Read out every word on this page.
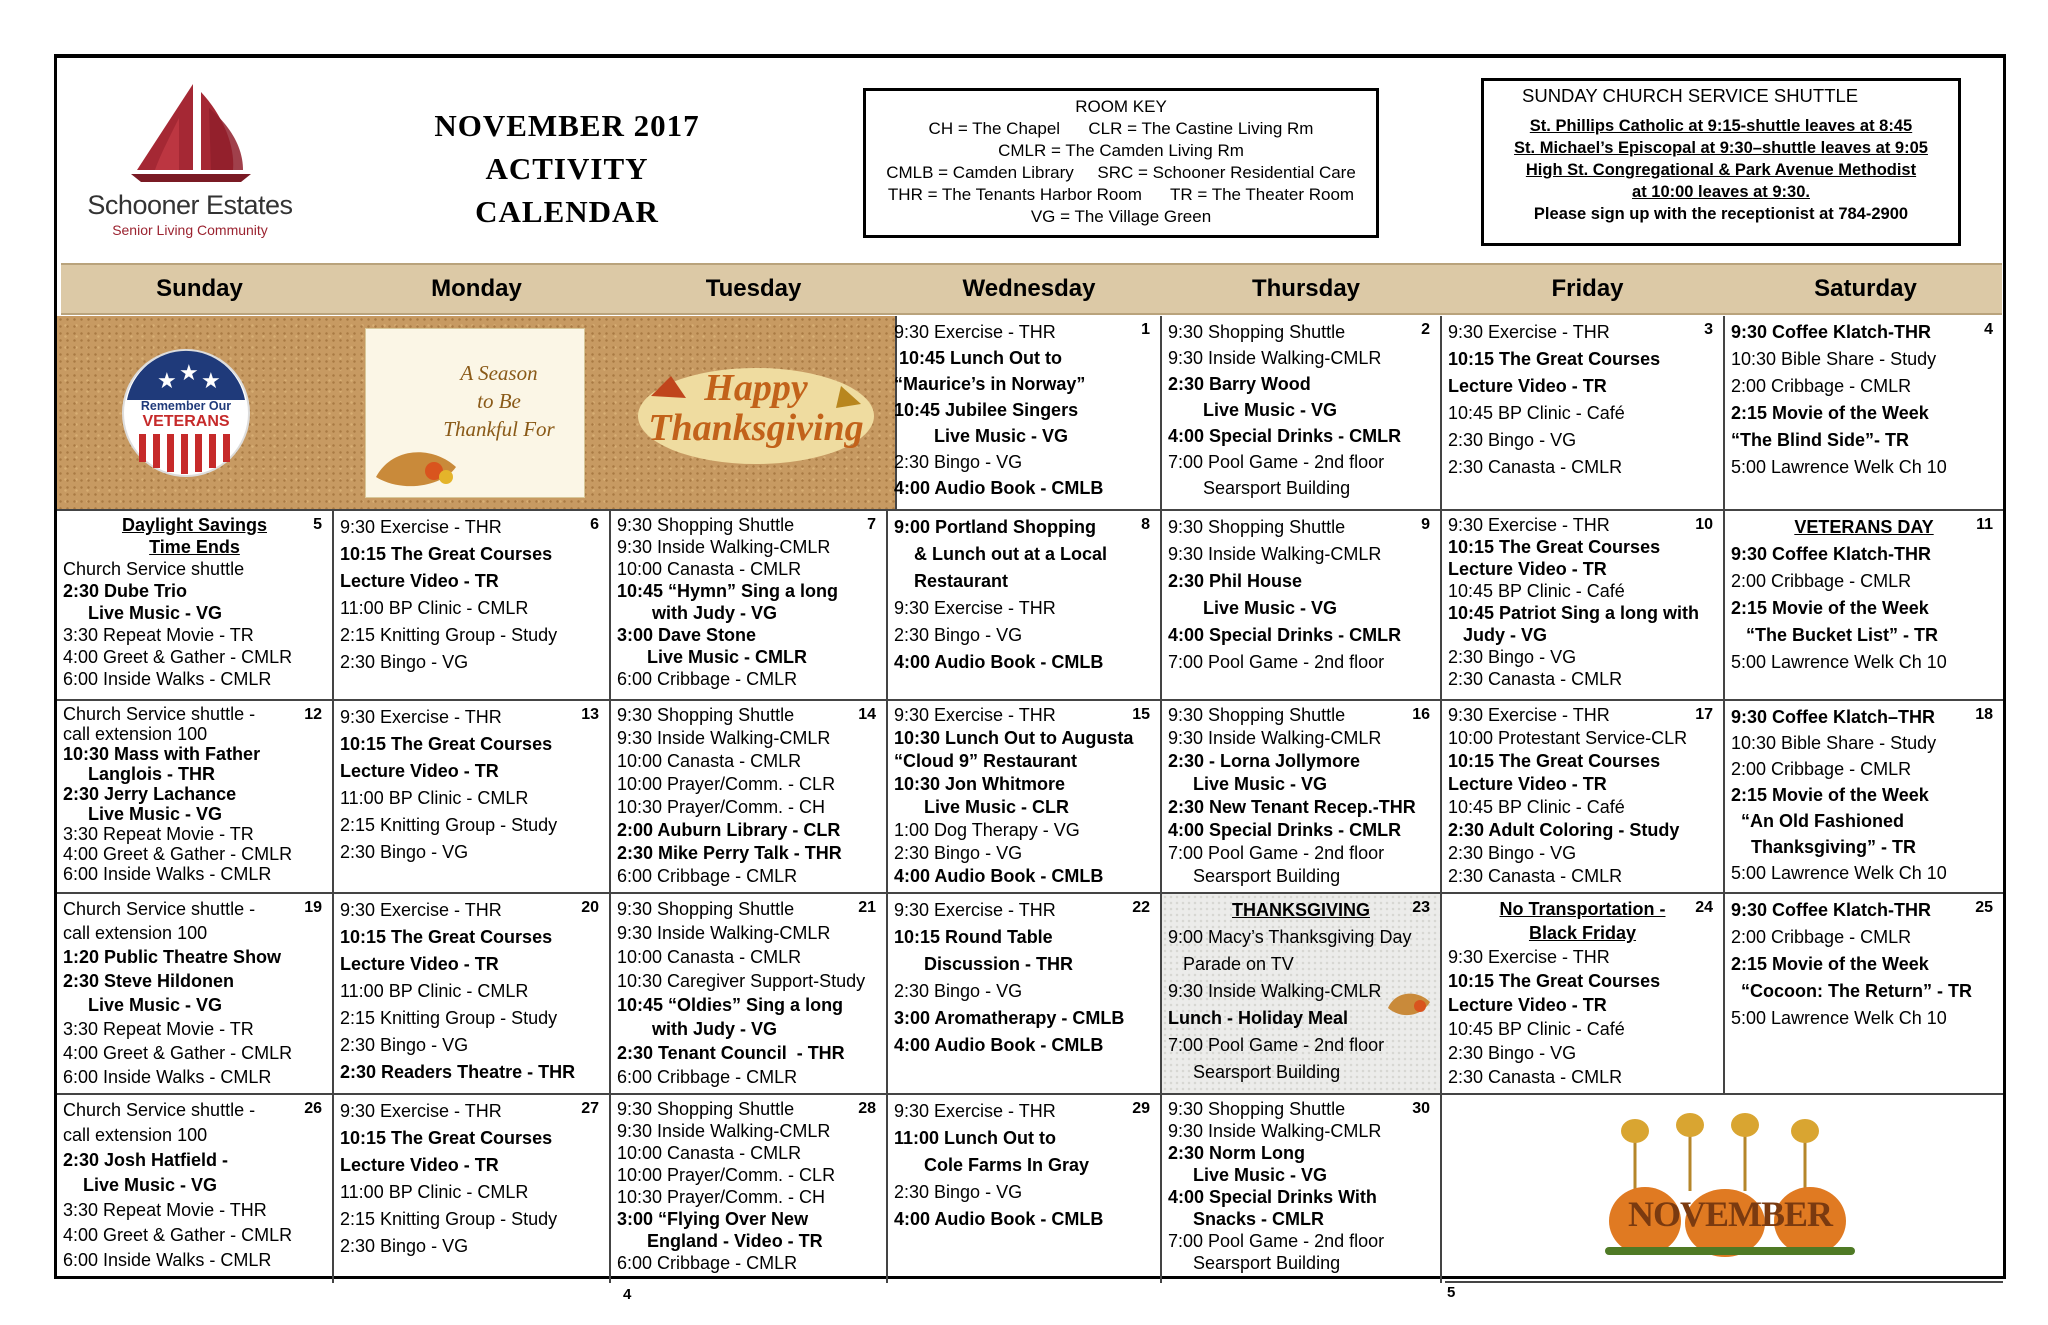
Schooner Estates
Senior Living Community
NOVEMBER 2017
ACTIVITY
CALENDAR
ROOM KEY
CH = The Chapel      CLR = The Castine Living Rm
CMLR = The Camden Living Rm
CMLB = Camden Library     SRC = Schooner Residential Care
THR = The Tenants Harbor Room      TR = The Theater Room
VG = The Village Green
SUNDAY CHURCH SERVICE SHUTTLE
St. Phillips Catholic at 9:15-shuttle leaves at 8:45
St. Michael’s Episcopal at 9:30–shuttle leaves at 9:05
High St. Congregational & Park Avenue Methodist
at 10:00 leaves at 9:30.
Please sign up with the receptionist at 784-2900
Sunday	Monday	Tuesday	Wednesday	Thursday	Friday	Saturday
★ ★ ★
Remember Our
VETERANS
A Season
to Be
Thankful For
Happy
Thanksgiving
NOVEMBER
1
9:30 Exercise - THR
10:45 Lunch Out to
“Maurice’s in Norway”
10:45 Jubilee Singers
Live Music - VG
2:30 Bingo - VG
4:00 Audio Book - CMLB
2
9:30 Shopping Shuttle
9:30 Inside Walking-CMLR
2:30 Barry Wood
Live Music - VG
4:00 Special Drinks - CMLR
7:00 Pool Game - 2nd floor
Searsport Building
3
9:30 Exercise - THR
10:15 The Great Courses
Lecture Video - TR
10:45 BP Clinic - Café
2:30 Bingo - VG
2:30 Canasta - CMLR
4
9:30 Coffee Klatch-THR
10:30 Bible Share - Study
2:00 Cribbage - CMLR
2:15 Movie of the Week
“The Blind Side”- TR
5:00 Lawrence Welk Ch 10
5
Daylight Savings
Time Ends
Church Service shuttle
2:30 Dube Trio
Live Music - VG
3:30 Repeat Movie - TR
4:00 Greet & Gather - CMLR
6:00 Inside Walks - CMLR
6
9:30 Exercise - THR
10:15 The Great Courses
Lecture Video - TR
11:00 BP Clinic - CMLR
2:15 Knitting Group - Study
2:30 Bingo - VG
7
9:30 Shopping Shuttle
9:30 Inside Walking-CMLR
10:00 Canasta - CMLR
10:45 “Hymn” Sing a long
with Judy - VG
3:00 Dave Stone
Live Music - CMLR
6:00 Cribbage - CMLR
8
9:00 Portland Shopping
& Lunch out at a Local
Restaurant
9:30 Exercise - THR
2:30 Bingo - VG
4:00 Audio Book - CMLB
9
9:30 Shopping Shuttle
9:30 Inside Walking-CMLR
2:30 Phil House
Live Music - VG
4:00 Special Drinks - CMLR
7:00 Pool Game - 2nd floor
10
9:30 Exercise - THR
10:15 The Great Courses
Lecture Video - TR
10:45 BP Clinic - Café
10:45 Patriot Sing a long with
Judy - VG
2:30 Bingo - VG
2:30 Canasta - CMLR
11
VETERANS DAY
9:30 Coffee Klatch-THR
2:00 Cribbage - CMLR
2:15 Movie of the Week
“The Bucket List” - TR
5:00 Lawrence Welk Ch 10
12
Church Service shuttle -
call extension 100
10:30 Mass with Father
Langlois - THR
2:30 Jerry Lachance
Live Music - VG
3:30 Repeat Movie - TR
4:00 Greet & Gather - CMLR
6:00 Inside Walks - CMLR
13
9:30 Exercise - THR
10:15 The Great Courses
Lecture Video - TR
11:00 BP Clinic - CMLR
2:15 Knitting Group - Study
2:30 Bingo - VG
14
9:30 Shopping Shuttle
9:30 Inside Walking-CMLR
10:00 Canasta - CMLR
10:00 Prayer/Comm. - CLR
10:30 Prayer/Comm. - CH
2:00 Auburn Library - CLR
2:30 Mike Perry Talk - THR
6:00 Cribbage - CMLR
15
9:30 Exercise - THR
10:30 Lunch Out to Augusta
“Cloud 9” Restaurant
10:30 Jon Whitmore
Live Music - CLR
1:00 Dog Therapy - VG
2:30 Bingo - VG
4:00 Audio Book - CMLB
16
9:30 Shopping Shuttle
9:30 Inside Walking-CMLR
2:30 - Lorna Jollymore
Live Music - VG
2:30 New Tenant Recep.-THR
4:00 Special Drinks - CMLR
7:00 Pool Game - 2nd floor
Searsport Building
17
9:30 Exercise - THR
10:00 Protestant Service-CLR
10:15 The Great Courses
Lecture Video - TR
10:45 BP Clinic - Café
2:30 Adult Coloring - Study
2:30 Bingo - VG
2:30 Canasta - CMLR
18
9:30 Coffee Klatch–THR
10:30 Bible Share - Study
2:00 Cribbage - CMLR
2:15 Movie of the Week
“An Old Fashioned
Thanksgiving” - TR
5:00 Lawrence Welk Ch 10
19
Church Service shuttle -
call extension 100
1:20 Public Theatre Show
2:30 Steve Hildonen
Live Music - VG
3:30 Repeat Movie - TR
4:00 Greet & Gather - CMLR
6:00 Inside Walks - CMLR
20
9:30 Exercise - THR
10:15 The Great Courses
Lecture Video - TR
11:00 BP Clinic - CMLR
2:15 Knitting Group - Study
2:30 Bingo - VG
2:30 Readers Theatre - THR
21
9:30 Shopping Shuttle
9:30 Inside Walking-CMLR
10:00 Canasta - CMLR
10:30 Caregiver Support-Study
10:45 “Oldies” Sing a long
with Judy - VG
2:30 Tenant Council  - THR
6:00 Cribbage - CMLR
22
9:30 Exercise - THR
10:15 Round Table
Discussion - THR
2:30 Bingo - VG
3:00 Aromatherapy - CMLB
4:00 Audio Book - CMLB
23
THANKSGIVING
9:00 Macy’s Thanksgiving Day
Parade on TV
9:30 Inside Walking-CMLR
Lunch - Holiday Meal
7:00 Pool Game - 2nd floor
Searsport Building
24
No Transportation -
Black Friday
9:30 Exercise - THR
10:15 The Great Courses
Lecture Video - TR
10:45 BP Clinic - Café
2:30 Bingo - VG
2:30 Canasta - CMLR
25
9:30 Coffee Klatch-THR
2:00 Cribbage - CMLR
2:15 Movie of the Week
“Cocoon: The Return” - TR
5:00 Lawrence Welk Ch 10
26
Church Service shuttle -
call extension 100
2:30 Josh Hatfield -
Live Music - VG
3:30 Repeat Movie - THR
4:00 Greet & Gather - CMLR
6:00 Inside Walks - CMLR
27
9:30 Exercise - THR
10:15 The Great Courses
Lecture Video - TR
11:00 BP Clinic - CMLR
2:15 Knitting Group - Study
2:30 Bingo - VG
28
9:30 Shopping Shuttle
9:30 Inside Walking-CMLR
10:00 Canasta - CMLR
10:00 Prayer/Comm. - CLR
10:30 Prayer/Comm. - CH
3:00 “Flying Over New
England - Video - TR
6:00 Cribbage - CMLR
29
9:30 Exercise - THR
11:00 Lunch Out to
Cole Farms In Gray
2:30 Bingo - VG
4:00 Audio Book - CMLB
30
9:30 Shopping Shuttle
9:30 Inside Walking-CMLR
2:30 Norm Long
Live Music - VG
4:00 Special Drinks With
Snacks - CMLR
7:00 Pool Game - 2nd floor
Searsport Building
4	5
